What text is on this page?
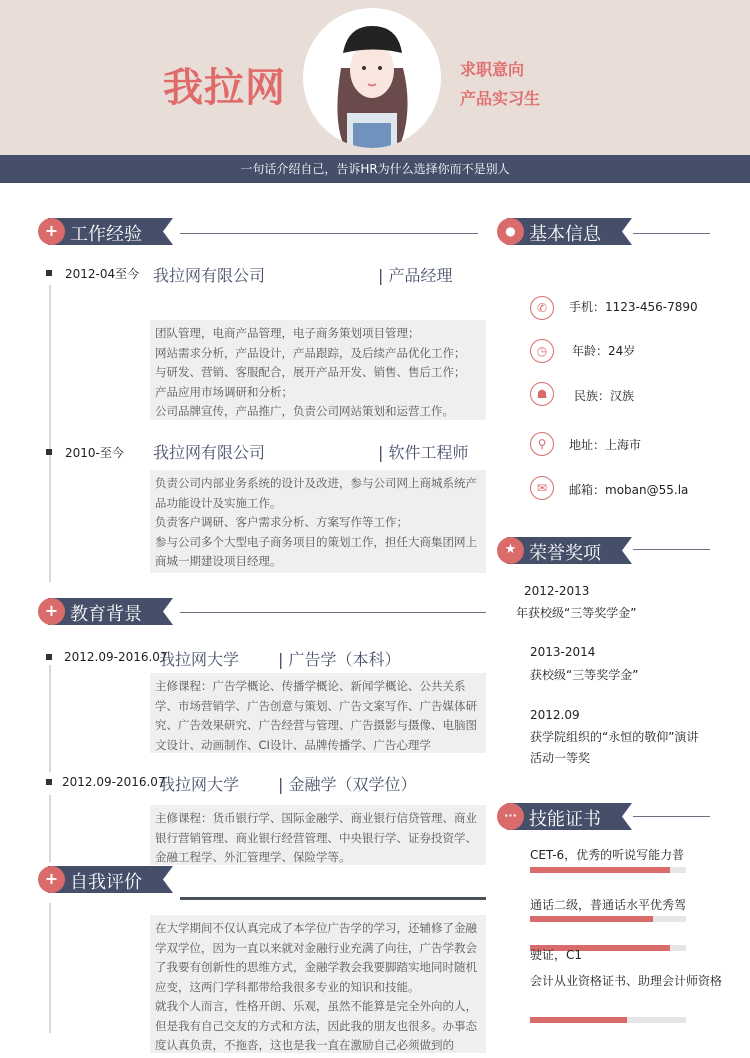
我拉网	求职意向
产品实习生
一句话介绍自己，告诉HR为什么选择你而不是别人
+ 工作经验
2012-04至今 我拉网有限公司	| 产品经理

团队管理，电商产品管理，电子商务策划项目管理；

网站需求分析，产品设计，产品跟踪，及后续产品优化工作；

与研发、营销、客服配合，展开产品开发、销售、售后工作；

产品应用市场调研和分析；

公司品牌宣传，产品推广，负责公司网站策划和运营工作。

2010-至今 我拉网有限公司	| 软件工程师

负责公司内部业务系统的设计及改进，参与公司网上商城系统产品功能设计及实施工作。

负责客户调研、客户需求分析、方案写作等工作；

参与公司多个大型电子商务项目的策划工作，担任大商集团网上商城一期建设项目经理。

+ 教育背景
2012.09-2016.07
我拉网大学 | 广告学（本科）
主修课程：广告学概论、传播学概论、新闻学概论、公共关系学、市场营销学、广告创意与策划、广告文案写作、广告媒体研究、广告效果研究、广告经营与管理、广告摄影与摄像、电脑图文设计、动画制作、CI设计、品牌传播学、广告心理学
2012.09-2016.07
我拉网大学 | 金融学（双学位）
主修课程：货币银行学、国际金融学、商业银行信贷管理、商业银行营销管理、商业银行经营管理、中央银行学、证券投资学、金融工程学、外汇管理学、保险学等。
+ 自我评价

在大学期间不仅认真完成了本学位广告学的学习，还辅修了金融学双学位，因为一直以来就对金融行业充满了向往，广告学教会了我要有创新性的思维方式，金融学教会我要脚踏实地同时随机应变，这两门学科都带给我很多专业的知识和技能。

就我个人而言，性格开朗、乐观，虽然不能算是完全外向的人，但是我有自己交友的方式和方法，因此我的朋友也很多。办事态度认真负责，不拖沓，这也是我一直在激励自己必须做到的

● 基本信息
✆	手机：1123-456-7890
◷	年龄：24岁
☗	民族：汉族
⚲	地址：上海市
✉	邮箱：moban@55.la
★ 荣誉奖项
2012-2013
年获校级“三等奖学金”
2013-2014
获校级“三等奖学金”
2012.09
获学院组织的“永恒的敬仰”演讲
活动一等奖
··· 技能证书
CET-6，优秀的听说写能力普
通话二级，普通话水平优秀驾
驶证，C1
会计从业资格证书、助理会计师资格
